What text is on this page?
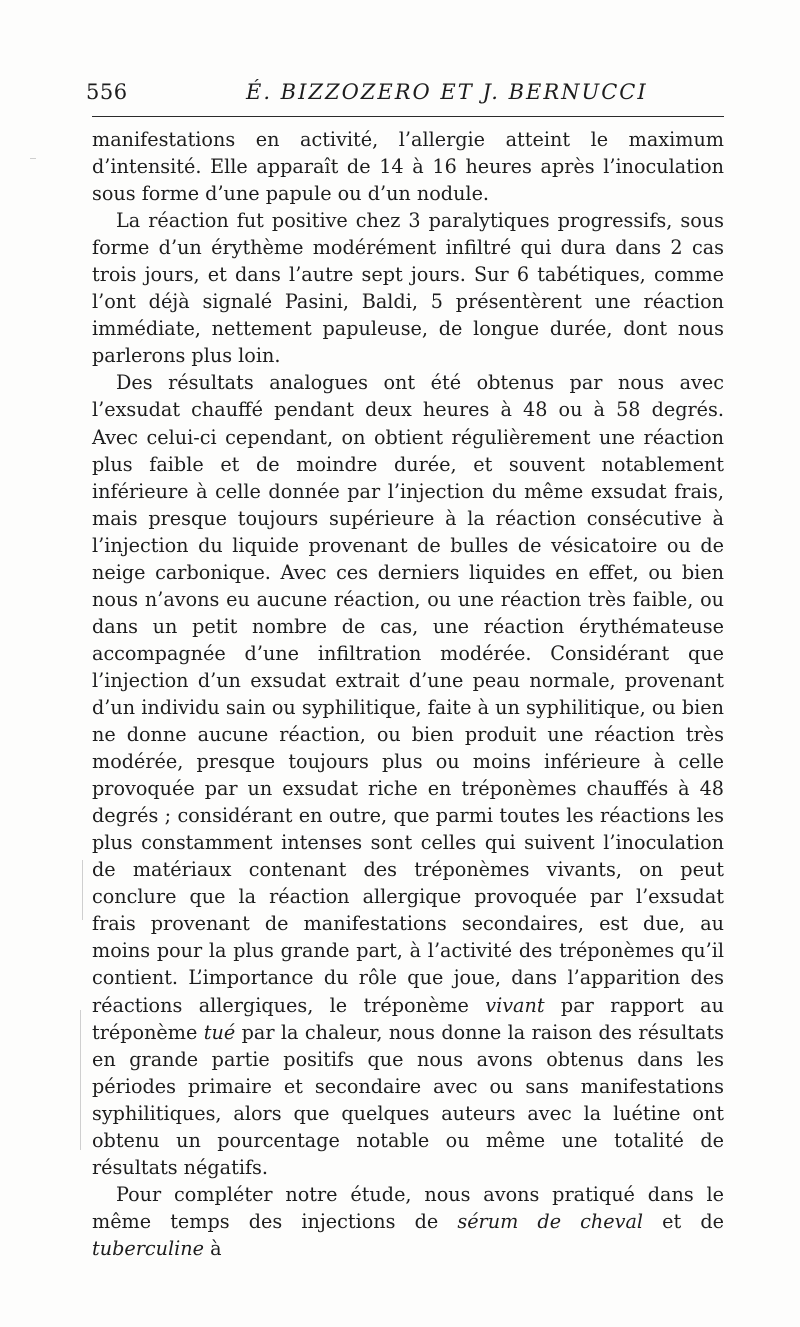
556	É. BIZZOZERO ET J. BERNUCCI

manifestations en activité, l’allergie atteint le maximum d’intensité. Elle apparaît de 14 à 16 heures après l’inoculation sous forme d’une papule ou d’un nodule.

La réaction fut positive chez 3 paralytiques progressifs, sous forme d’un érythème modérément infiltré qui dura dans 2 cas trois jours, et dans l’autre sept jours. Sur 6 tabétiques, comme l’ont déjà signalé Pasini, Baldi, 5 présentèrent une réaction immédiate, nettement papuleuse, de longue durée, dont nous parlerons plus loin.

Des résultats analogues ont été obtenus par nous avec l’exsudat chauffé pendant deux heures à 48 ou à 58 degrés. Avec celui-ci cependant, on obtient régulièrement une réaction plus faible et de moindre durée, et souvent notablement inférieure à celle donnée par l’injection du même exsudat frais, mais presque toujours supérieure à la réaction consécutive à l’injection du liquide provenant de bulles de vésicatoire ou de neige carbonique. Avec ces derniers liquides en effet, ou bien nous n’avons eu aucune réaction, ou une réaction très faible, ou dans un petit nombre de cas, une réaction érythémateuse accompagnée d’une infiltration modérée. Considérant que l’injection d’un exsudat extrait d’une peau normale, provenant d’un individu sain ou syphilitique, faite à un syphilitique, ou bien ne donne aucune réaction, ou bien produit une réaction très modérée, presque toujours plus ou moins inférieure à celle provoquée par un exsudat riche en tréponèmes chauffés à 48 degrés ; considérant en outre, que parmi toutes les réactions les plus constamment intenses sont celles qui suivent l’inoculation de matériaux contenant des tréponèmes vivants, on peut conclure que la réaction allergique provoquée par l’exsudat frais provenant de manifestations secondaires, est due, au moins pour la plus grande part, à l’activité des tréponèmes qu’il contient. L’importance du rôle que joue, dans l’apparition des réactions allergiques, le tréponème vivant par rapport au tréponème tué par la chaleur, nous donne la raison des résultats en grande partie positifs que nous avons obtenus dans les périodes primaire et secondaire avec ou sans manifestations syphilitiques, alors que quelques auteurs avec la luétine ont obtenu un pourcentage notable ou même une totalité de résultats négatifs.

Pour compléter notre étude, nous avons pratiqué dans le même temps des injections de sérum de cheval et de tuberculine à
